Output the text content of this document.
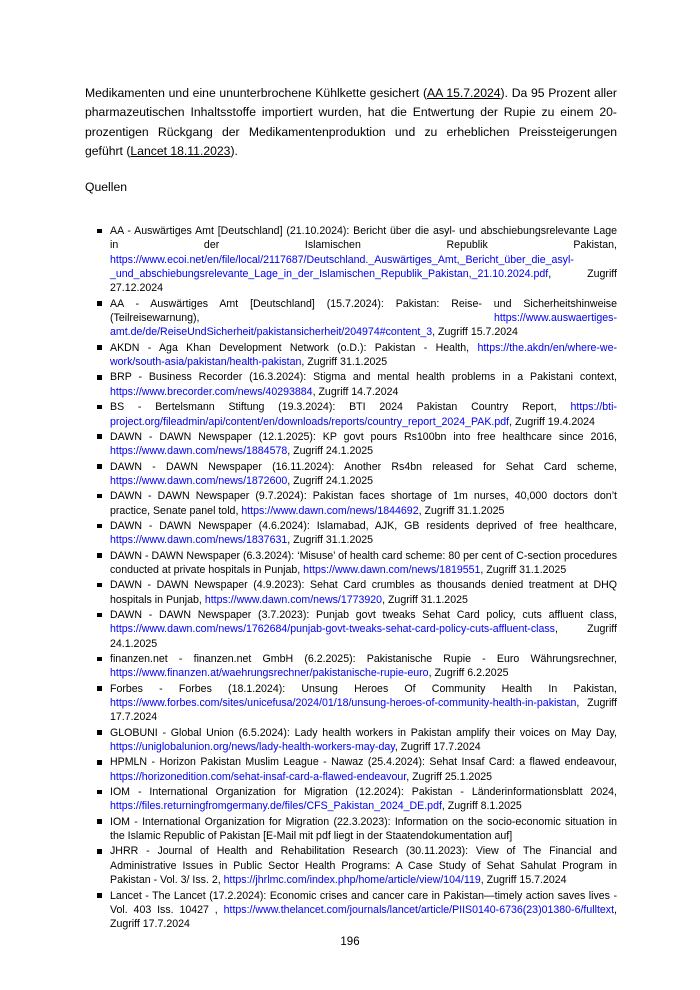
Medikamenten und eine ununterbrochene Kühlkette gesichert (AA 15.7.2024). Da 95 Prozent aller pharmazeutischen Inhaltsstoffe importiert wurden, hat die Entwertung der Rupie zu einem 20-prozentigen Rückgang der Medikamentenproduktion und zu erheblichen Preissteigerungen geführt (Lancet 18.11.2023).

Quellen

AA - Auswärtiges Amt [Deutschland] (21.10.2024): Bericht über die asyl- und abschiebungsrelevante Lage in der Islamischen Republik Pakistan, https://www.ecoi.net/en/file/local/2117687/Deutschland._Auswärtiges_Amt,_Bericht_über_die_asyl-_und_abschiebungsrelevante_Lage_in_der_Islamischen_Republik_Pakistan,_21.10.2024.pdf, Zugriff 27.12.2024
AA - Auswärtiges Amt [Deutschland] (15.7.2024): Pakistan: Reise- und Sicherheitshinweise (Teilreisewarnung), https://www.auswaertiges-amt.de/de/ReiseUndSicherheit/pakistansicherheit/204974#content_3, Zugriff 15.7.2024
AKDN - Aga Khan Development Network (o.D.): Pakistan - Health, https://the.akdn/en/where-we-work/south-asia/pakistan/health-pakistan, Zugriff 31.1.2025
BRP - Business Recorder (16.3.2024): Stigma and mental health problems in a Pakistani context, https://www.brecorder.com/news/40293884, Zugriff 14.7.2024
BS - Bertelsmann Stiftung (19.3.2024): BTI 2024 Pakistan Country Report, https://bti-project.org/fileadmin/api/content/en/downloads/reports/country_report_2024_PAK.pdf, Zugriff 19.4.2024
DAWN - DAWN Newspaper (12.1.2025): KP govt pours Rs100bn into free healthcare since 2016, https://www.dawn.com/news/1884578, Zugriff 24.1.2025
DAWN - DAWN Newspaper (16.11.2024): Another Rs4bn released for Sehat Card scheme, https://www.dawn.com/news/1872600, Zugriff 24.1.2025
DAWN - DAWN Newspaper (9.7.2024): Pakistan faces shortage of 1m nurses, 40,000 doctors don’t practice, Senate panel told, https://www.dawn.com/news/1844692, Zugriff 31.1.2025
DAWN - DAWN Newspaper (4.6.2024): Islamabad, AJK, GB residents deprived of free healthcare, https://www.dawn.com/news/1837631, Zugriff 31.1.2025
DAWN - DAWN Newspaper (6.3.2024): ‘Misuse’ of health card scheme: 80 per cent of C-section procedures conducted at private hospitals in Punjab, https://www.dawn.com/news/1819551, Zugriff 31.1.2025
DAWN - DAWN Newspaper (4.9.2023): Sehat Card crumbles as thousands denied treatment at DHQ hospitals in Punjab, https://www.dawn.com/news/1773920, Zugriff 31.1.2025
DAWN - DAWN Newspaper (3.7.2023): Punjab govt tweaks Sehat Card policy, cuts affluent class, https://www.dawn.com/news/1762684/punjab-govt-tweaks-sehat-card-policy-cuts-affluent-class, Zugriff 24.1.2025
finanzen.net - finanzen.net GmbH (6.2.2025): Pakistanische Rupie - Euro Währungsrechner, https://www.finanzen.at/waehrungsrechner/pakistanische-rupie-euro, Zugriff 6.2.2025
Forbes - Forbes (18.1.2024): Unsung Heroes Of Community Health In Pakistan, https://www.forbes.com/sites/unicefusa/2024/01/18/unsung-heroes-of-community-health-in-pakistan, Zugriff 17.7.2024
GLOBUNI - Global Union (6.5.2024): Lady health workers in Pakistan amplify their voices on May Day, https://uniglobalunion.org/news/lady-health-workers-may-day, Zugriff 17.7.2024
HPMLN - Horizon Pakistan Muslim League - Nawaz (25.4.2024): Sehat Insaf Card: a flawed endeavour, https://horizonedition.com/sehat-insaf-card-a-flawed-endeavour, Zugriff 25.1.2025
IOM - International Organization for Migration (12.2024): Pakistan - Länderinformationsblatt 2024, https://files.returningfromgermany.de/files/CFS_Pakistan_2024_DE.pdf, Zugriff 8.1.2025
IOM - International Organization for Migration (22.3.2023): Information on the socio-economic situation in the Islamic Republic of Pakistan [E-Mail mit pdf liegt in der Staatendokumentation auf]
JHRR - Journal of Health and Rehabilitation Research (30.11.2023): View of The Financial and Administrative Issues in Public Sector Health Programs: A Case Study of Sehat Sahulat Program in Pakistan - Vol. 3/ Iss. 2, https://jhrlmc.com/index.php/home/article/view/104/119, Zugriff 15.7.2024
Lancet - The Lancet (17.2.2024): Economic crises and cancer care in Pakistan—timely action saves lives - Vol. 403 Iss. 10427 , https://www.thelancet.com/journals/lancet/article/PIIS0140-6736(23)01380-6/fulltext, Zugriff 17.7.2024
196
